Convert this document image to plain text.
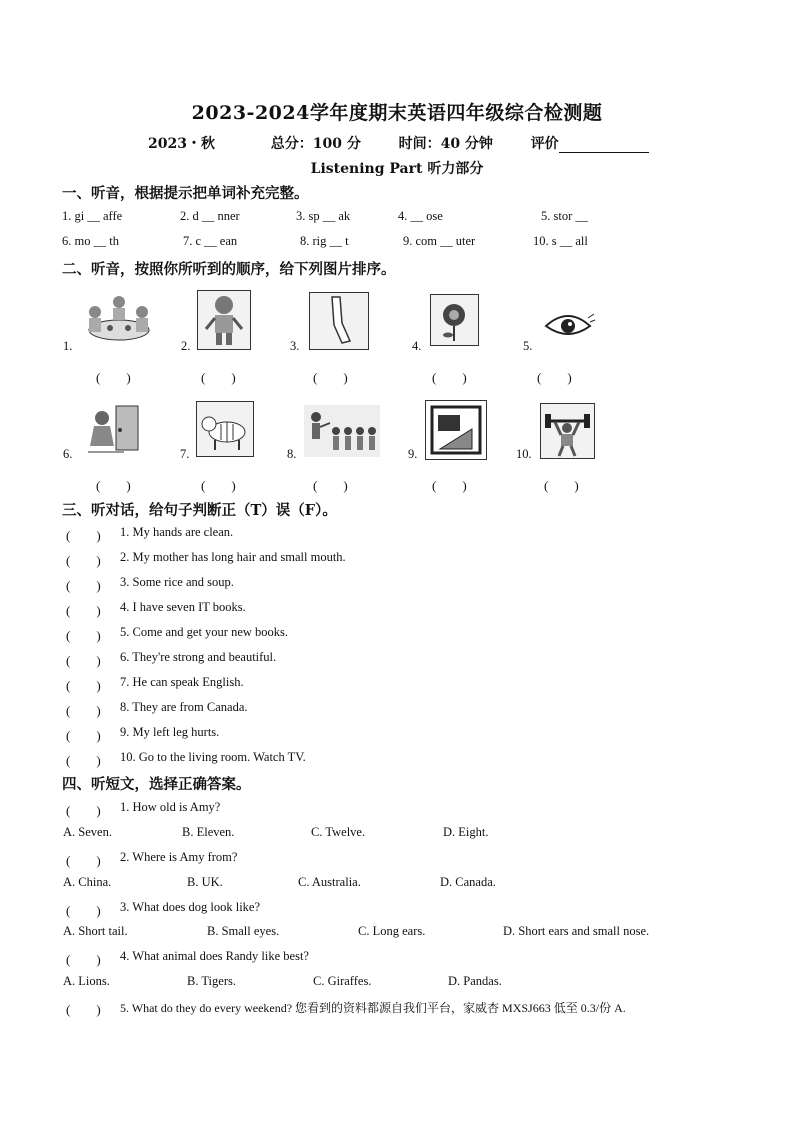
2023-2024学年度期末英语四年级综合检测题
2023・秋	总分：100 分	时间：40 分钟	评价
Listening Part 听力部分
一、听音，根据提示把单词补充完整。
1. gi __ affe	2. d __ nner	3. sp __ ak	4. __ ose	5. stor __
6. mo __ th	7. c __ ean	8. rig __ t	9. com __ uter	10. s __ all
二、听音，按照你所听到的顺序，给下列图片排序。
1.	2.	3.	4.	5.
(　　)	(　　)	(　　)	(　　)	(　　)
6.	7.	8.	9.	10.
(　　)	(　　)	(　　)	(　　)	(　　)
三、听对话，给句子判断正（T）误（F）。
(　　) 1. My hands are clean.
(　　) 2. My mother has long hair and small mouth.
(　　) 3. Some rice and soup.
(　　) 4. I have seven IT books.
(　　) 5. Come and get your new books.
(　　) 6. They're strong and beautiful.
(　　) 7. He can speak English.
(　　) 8. They are from Canada.
(　　) 9. My left leg hurts.
(　　) 10. Go to the living room. Watch TV.
四、听短文，选择正确答案。
(　　) 1. How old is Amy?
A. Seven.	B. Eleven.	C. Twelve.	D. Eight.
(　　) 2. Where is Amy from?
A. China.	B. UK.	C. Australia.	D. Canada.
(　　) 3. What does dog look like?
A. Short tail.	B. Small eyes.	C. Long ears.	D. Short ears and small nose.
(　　) 4. What animal does Randy like best?
A. Lions.	B. Tigers.	C. Giraffes.	D. Pandas.
(　　) 5. What do they do every weekend? 您看到的资料都源自我们平台，家威杏 MXSJ663 低至 0.3/份 A.
